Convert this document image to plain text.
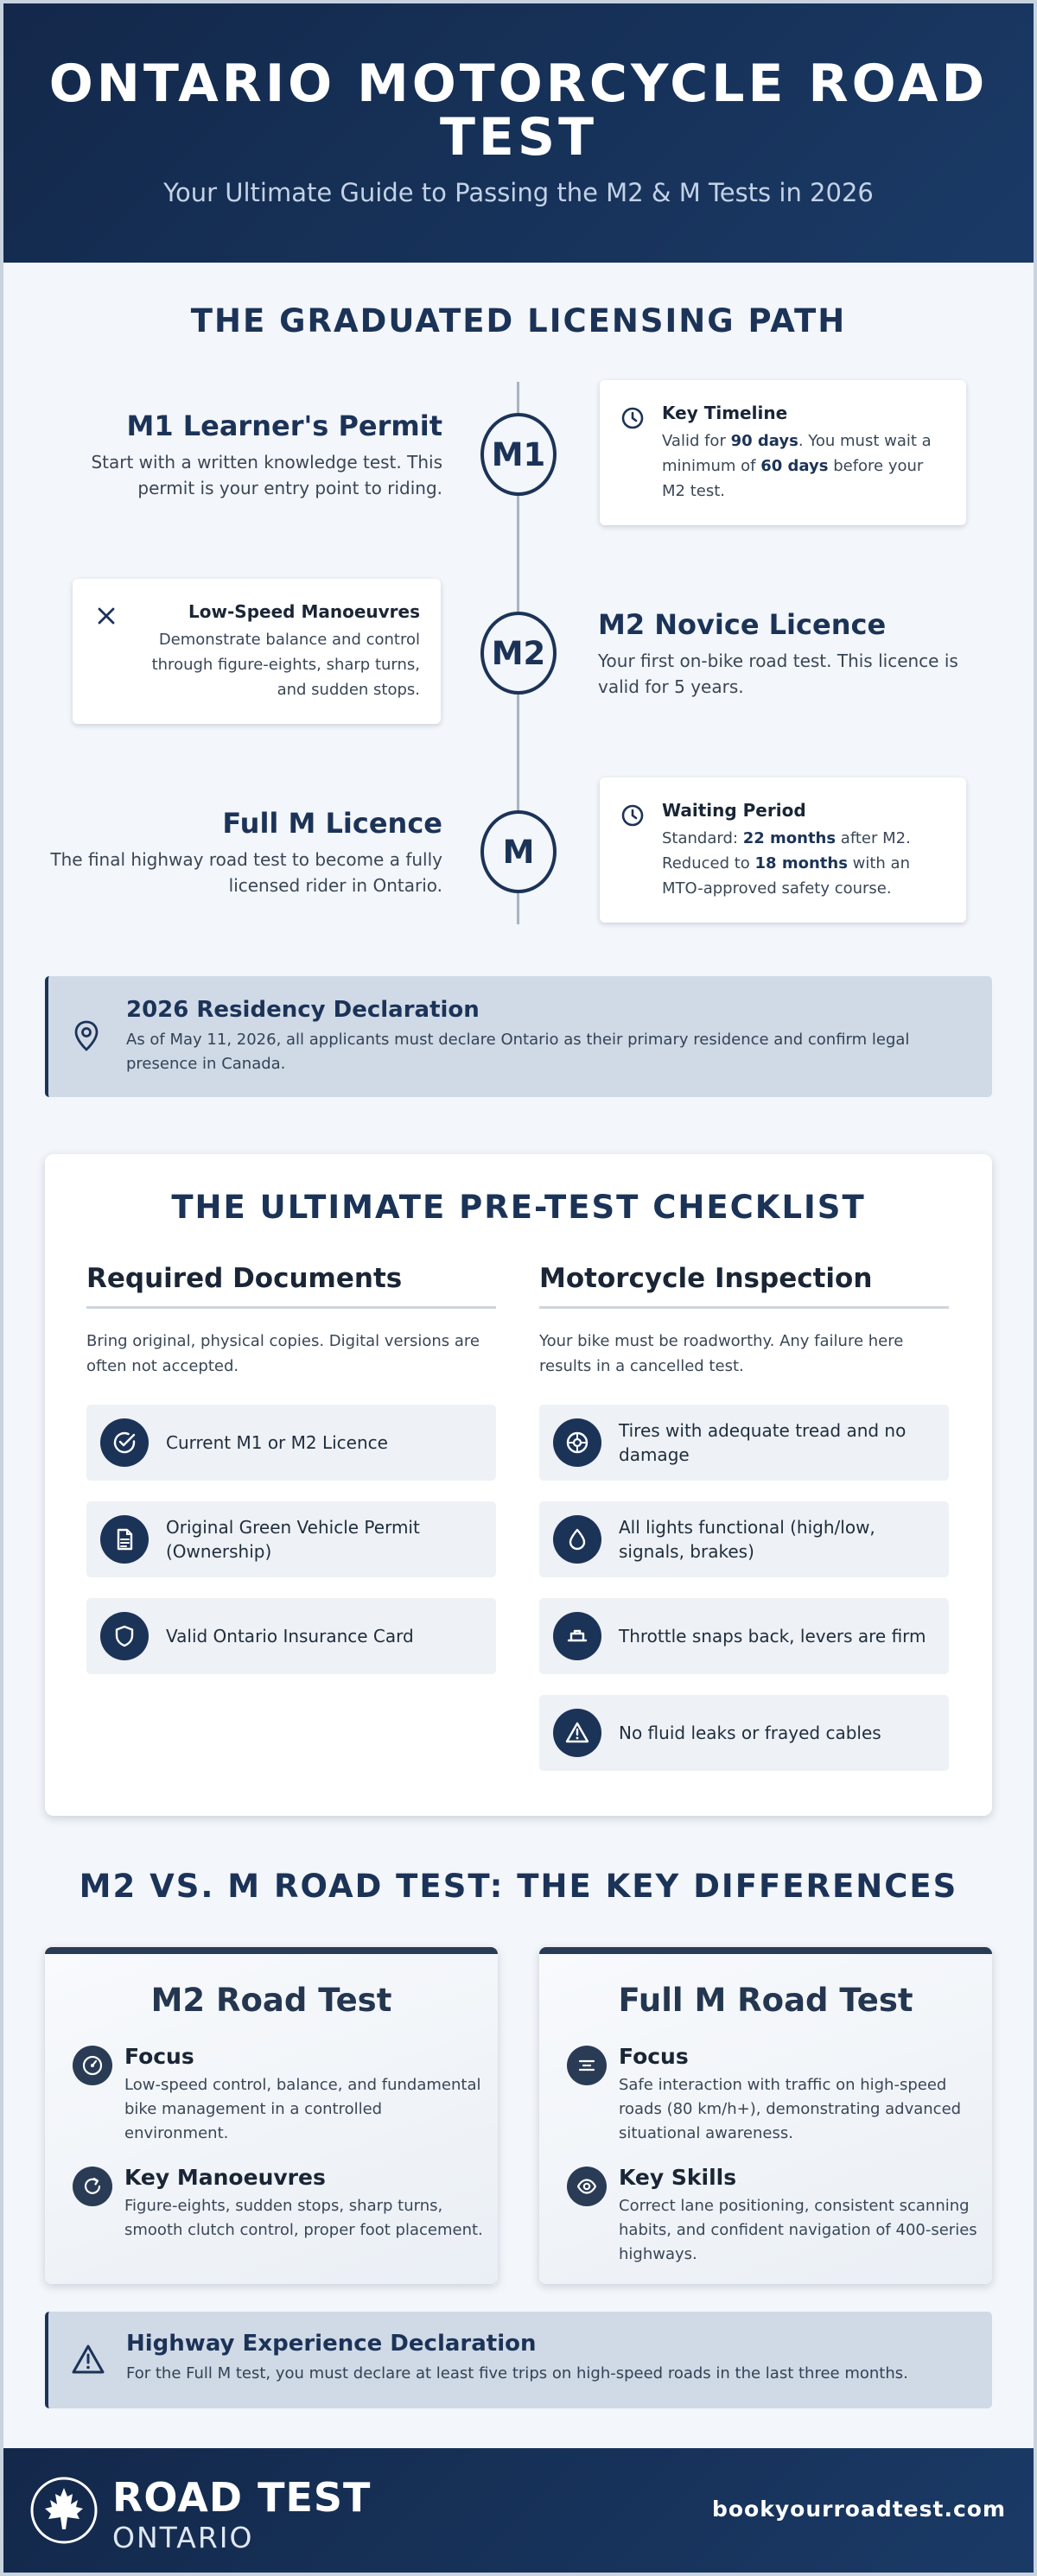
ONTARIO MOTORCYCLE ROAD TEST
Your Ultimate Guide to Passing the M2 & M Tests in 2026
THE GRADUATED LICENSING PATH
M1
M1 Learner's Permit
Start with a written knowledge test. This permit is your entry point to riding.
Key Timeline
Valid for 90 days. You must wait a minimum of 60 days before your M2 test.
M2
M2 Novice Licence
Your first on-bike road test. This licence is valid for 5 years.
Low-Speed Manoeuvres
Demonstrate balance and control through figure-eights, sharp turns, and sudden stops.
M
Full M Licence
The final highway road test to become a fully licensed rider in Ontario.
Waiting Period
Standard: 22 months after M2. Reduced to 18 months with an MTO-approved safety course.
2026 Residency Declaration
As of May 11, 2026, all applicants must declare Ontario as their primary residence and confirm legal presence in Canada.
THE ULTIMATE PRE-TEST CHECKLIST
Required Documents
Bring original, physical copies. Digital versions are often not accepted.
Current M1 or M2 Licence
Original Green Vehicle Permit (Ownership)
Valid Ontario Insurance Card
Motorcycle Inspection
Your bike must be roadworthy. Any failure here results in a cancelled test.
Tires with adequate tread and no damage
All lights functional (high/low, signals, brakes)
Throttle snaps back, levers are firm
No fluid leaks or frayed cables
M2 VS. M ROAD TEST: THE KEY DIFFERENCES
M2 Road Test
Focus
Low-speed control, balance, and fundamental bike management in a controlled environment.
Key Manoeuvres
Figure-eights, sudden stops, sharp turns, smooth clutch control, proper foot placement.
Full M Road Test
Focus
Safe interaction with traffic on high-speed roads (80 km/h+), demonstrating advanced situational awareness.
Key Skills
Correct lane positioning, consistent scanning habits, and confident navigation of 400-series highways.
Highway Experience Declaration
For the Full M test, you must declare at least five trips on high-speed roads in the last three months.
ROAD TEST
ONTARIO
bookyourroadtest.com
